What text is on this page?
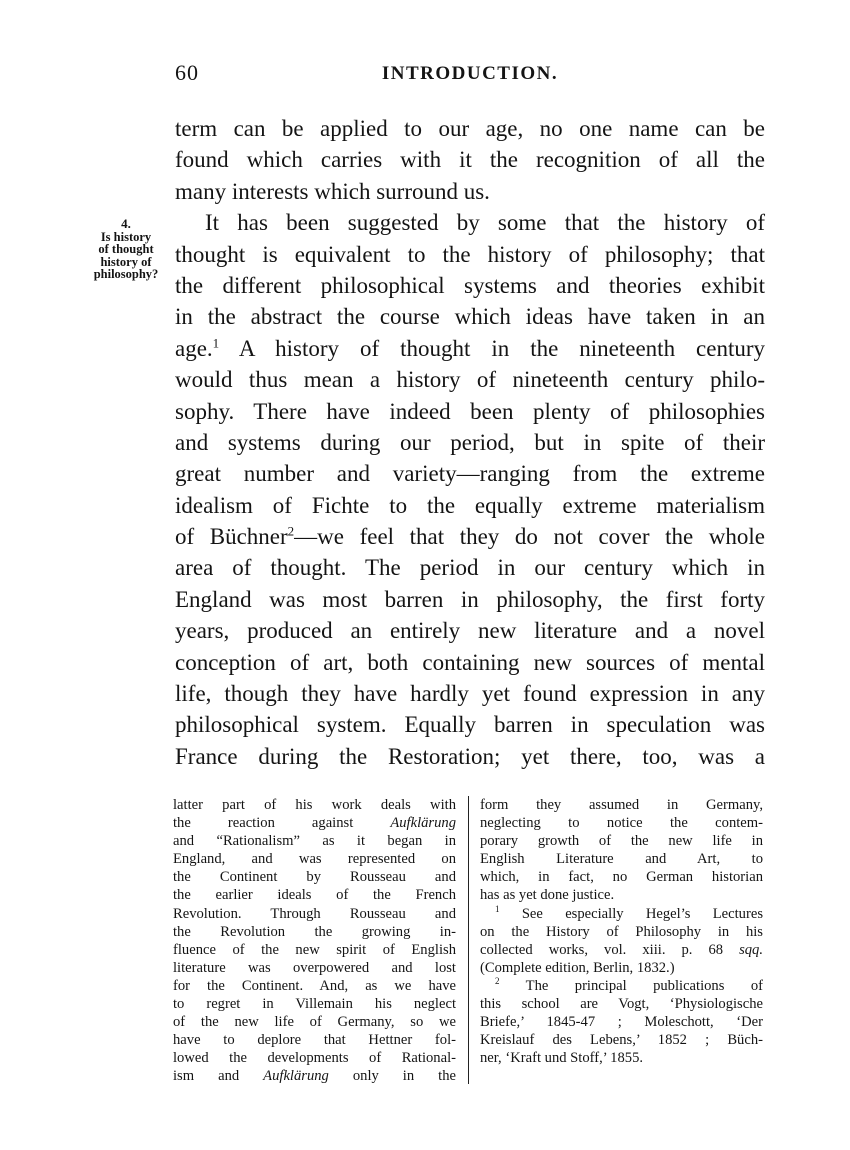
60	INTRODUCTION.
4.
Is history
of thought
history of
philosophy?
term can be applied to our age, no one name can be
found which carries with it the recognition of all the
many interests which surround us.
It has been suggested by some that the history of
thought is equivalent to the history of philosophy; that
the different philosophical systems and theories exhibit
in the abstract the course which ideas have taken in an
age.$^1$ A history of thought in the nineteenth century
would thus mean a history of nineteenth century philo-
sophy. There have indeed been plenty of philosophies
and systems during our period, but in spite of their
great number and variety—ranging from the extreme
idealism of Fichte to the equally extreme materialism
of Büchner$^2$—we feel that they do not cover the whole
area of thought. The period in our century which in
England was most barren in philosophy, the first forty
years, produced an entirely new literature and a novel
conception of art, both containing new sources of mental
life, though they have hardly yet found expression in any
philosophical system. Equally barren in speculation was
France during the Restoration; yet there, too, was a
latter part of his work deals with
the reaction against Aufklärung
and “Rationalism” as it began in
England, and was represented on
the Continent by Rousseau and
the earlier ideals of the French
Revolution. Through Rousseau and
the Revolution the growing in-
fluence of the new spirit of English
literature was overpowered and lost
for the Continent. And, as we have
to regret in Villemain his neglect
of the new life of Germany, so we
have to deplore that Hettner fol-
lowed the developments of Rational-
ism and Aufklärung only in the
form they assumed in Germany,
neglecting to notice the contem-
porary growth of the new life in
English Literature and Art, to
which, in fact, no German historian
has as yet done justice.
$^1$ See especially Hegel’s Lectures
on the History of Philosophy in his
collected works, vol. xiii. p. 68 sqq.
(Complete edition, Berlin, 1832.)
$^2$ The principal publications of
this school are Vogt, ‘Physiologische
Briefe,’ 1845-47 ; Moleschott, ‘Der
Kreislauf des Lebens,’ 1852 ; Büch-
ner, ‘Kraft und Stoff,’ 1855.
